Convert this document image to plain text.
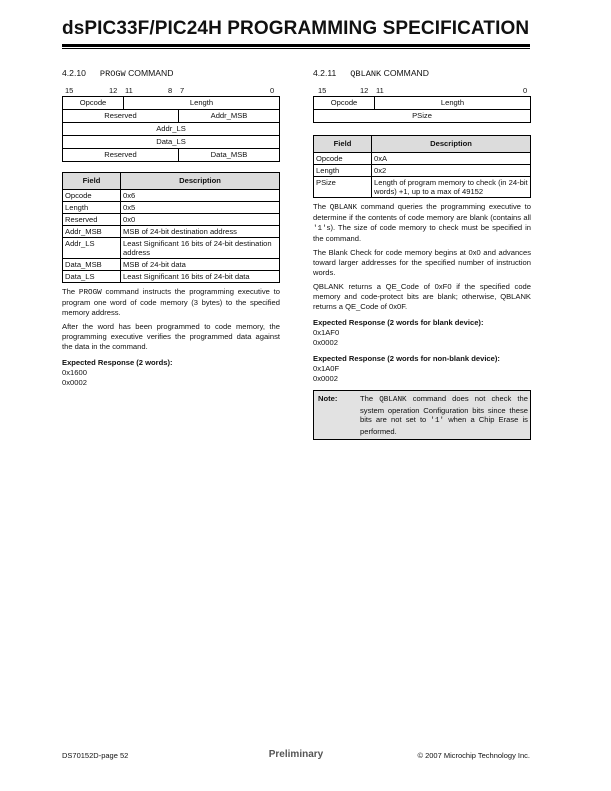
dsPIC33F/PIC24H PROGRAMMING SPECIFICATION
4.2.10 PROGW COMMAND
15	12 11	8 7	0
Opcode	Length	
Reserved		Addr_MSB
Addr_LS		
Data_LS		
Reserved		Data_MSB
Field	Description
Opcode	0x6
Length	0x5
Reserved	0x0
Addr_MSB	MSB of 24-bit destination address
Addr_LS	Least Significant 16 bits of 24-bit destination address
Data_MSB	MSB of 24-bit data
Data_LS	Least Significant 16 bits of 24-bit data

The PROGW command instructs the programming executive to program one word of code memory (3 bytes) to the specified memory address.

After the word has been programmed to code memory, the programming executive verifies the programmed data against the data in the command.

Expected Response (2 words):
0x1600
0x0002
4.2.11 QBLANK COMMAND
15	12 11	0
Opcode	Length
PSize
Field	Description
Opcode	0xA
Length	0x2
PSize	Length of program memory to check (in 24-bit words) +1, up to a max of 49152

The QBLANK command queries the programming executive to determine if the contents of code memory are blank (contains all '1's). The size of code memory to check must be specified in the command.

The Blank Check for code memory begins at 0x0 and advances toward larger addresses for the specified number of instruction words.

QBLANK returns a QE_Code of 0xF0 if the specified code memory and code-protect bits are blank; otherwise, QBLANK returns a QE_Code of 0x0F.

Expected Response (2 words for blank device):
0x1AF0
0x0002
Expected Response (2 words for non-blank device):
0x1A0F
0x0002
Note:	The QBLANK command does not check the system operation Configuration bits since these bits are not set to '1' when a Chip Erase is performed.
DS70152D-page 52	Preliminary	© 2007 Microchip Technology Inc.
